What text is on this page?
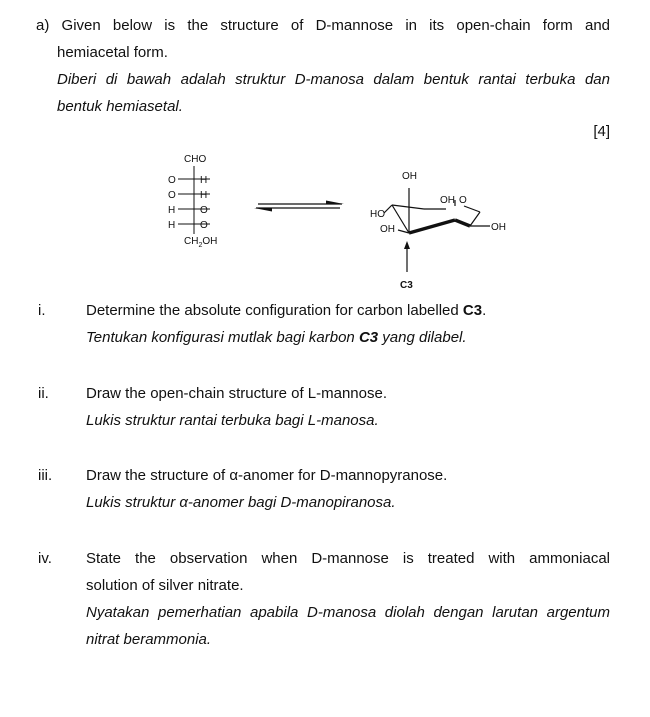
a) Given below is the structure of D-mannose in its open-chain form and

hemiacetal form.

Diberi di bawah adalah struktur D-manosa dalam bentuk rantai terbuka dan

bentuk hemiasetal.

[4]
CHO
O H
O H
H O
H O
$CH_2OH$
OH
OH O
HO
OH	OH
C3
i.	Determine the absolute configuration for carbon labelled C3.
Tentukan konfigurasi mutlak bagi karbon C3 yang dilabel.
ii. Draw the open-chain structure of L-mannose.
Lukis struktur rantai terbuka bagi L-manosa.
iii. Draw the structure of α-anomer for D-mannopyranose.
Lukis struktur α-anomer bagi D-manopiranosa.
iv. State the observation when D-mannose is treated with ammoniacal
solution of silver nitrate.
Nyatakan pemerhatian apabila D-manosa diolah dengan larutan argentum
nitrat berammonia.
